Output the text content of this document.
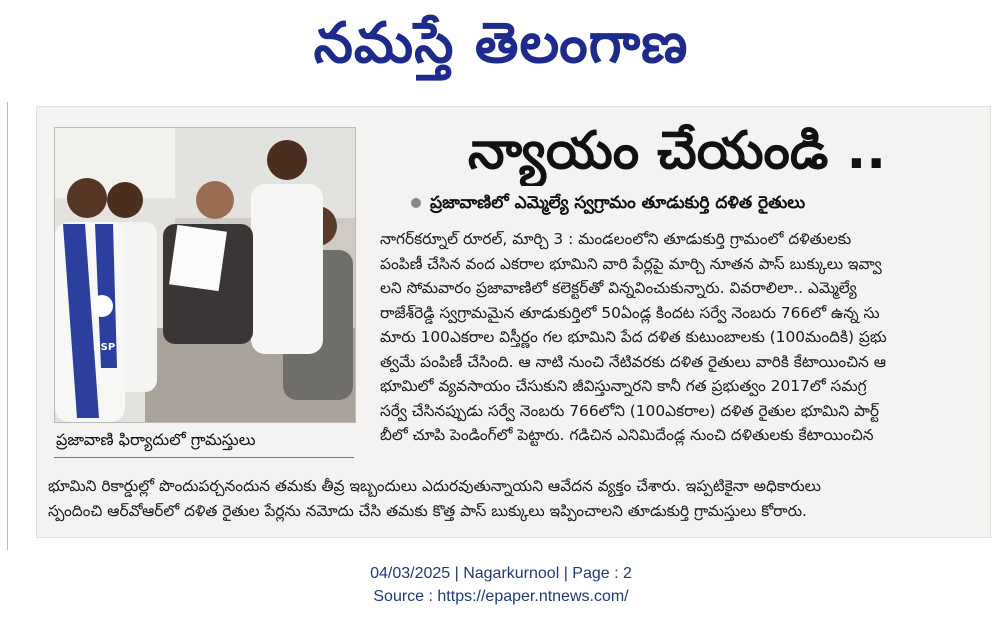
నమస్తే తెలంగాణ
BSP
ప్రజావాణి ఫిర్యాదులో గ్రామస్తులు
న్యాయం చేయండి ..
ప్రజావాణిలో ఎమ్మెల్యే స్వగ్రామం తూడుకుర్తి దళిత రైతులు
నాగర్‌కర్నూల్ రూరల్, మార్చి 3 : మండలంలోని తూడుకుర్తి గ్రామంలో దళితులకు
పంపిణీ చేసిన వంద ఎకరాల భూమిని వారి పేర్లపై మార్చి నూతన పాస్ బుక్కులు ఇవ్వా
లని సోమవారం ప్రజావాణిలో కలెక్టర్‌తో విన్నవించుకున్నారు. వివరాలిలా.. ఎమ్మెల్యే
రాజేశ్‌రెడ్డి స్వగ్రామమైన తూడుకుర్తిలో 50ఏండ్ల కిందట సర్వే నెంబరు 766లో ఉన్న సు
మారు 100ఎకరాల విస్తీర్ణం గల భూమిని పేద దళిత కుటుంబాలకు (100మందికి) ప్రభు
త్వమే పంపిణీ చేసింది. ఆ నాటి నుంచి నేటివరకు దళిత రైతులు వారికి కేటాయించిన ఆ
భూమిలో వ్యవసాయం చేసుకుని జీవిస్తున్నారని కానీ గత ప్రభుత్వం 2017లో సమగ్ర
సర్వే చేసినప్పుడు సర్వే నెంబరు 766లోని (100ఎకరాల) దళిత రైతుల భూమిని పార్ట్
బీలో చూపి పెండింగ్‌లో పెట్టారు. గడిచిన ఎనిమిదేండ్ల నుంచి దళితులకు కేటాయించిన
భూమిని రికార్డుల్లో పొందుపర్చనందున తమకు తీవ్ర ఇబ్బందులు ఎదురవుతున్నాయని ఆవేదన వ్యక్తం చేశారు. ఇప్పటికైనా అధికారులు
స్పందించి ఆర్‌వోఆర్‌లో దళిత రైతుల పేర్లను నమోదు చేసి తమకు కొత్త పాస్ బుక్కులు ఇప్పించాలని తూడుకుర్తి గ్రామస్తులు కోరారు.
04/03/2025 | Nagarkurnool | Page : 2
Source : https://epaper.ntnews.com/
